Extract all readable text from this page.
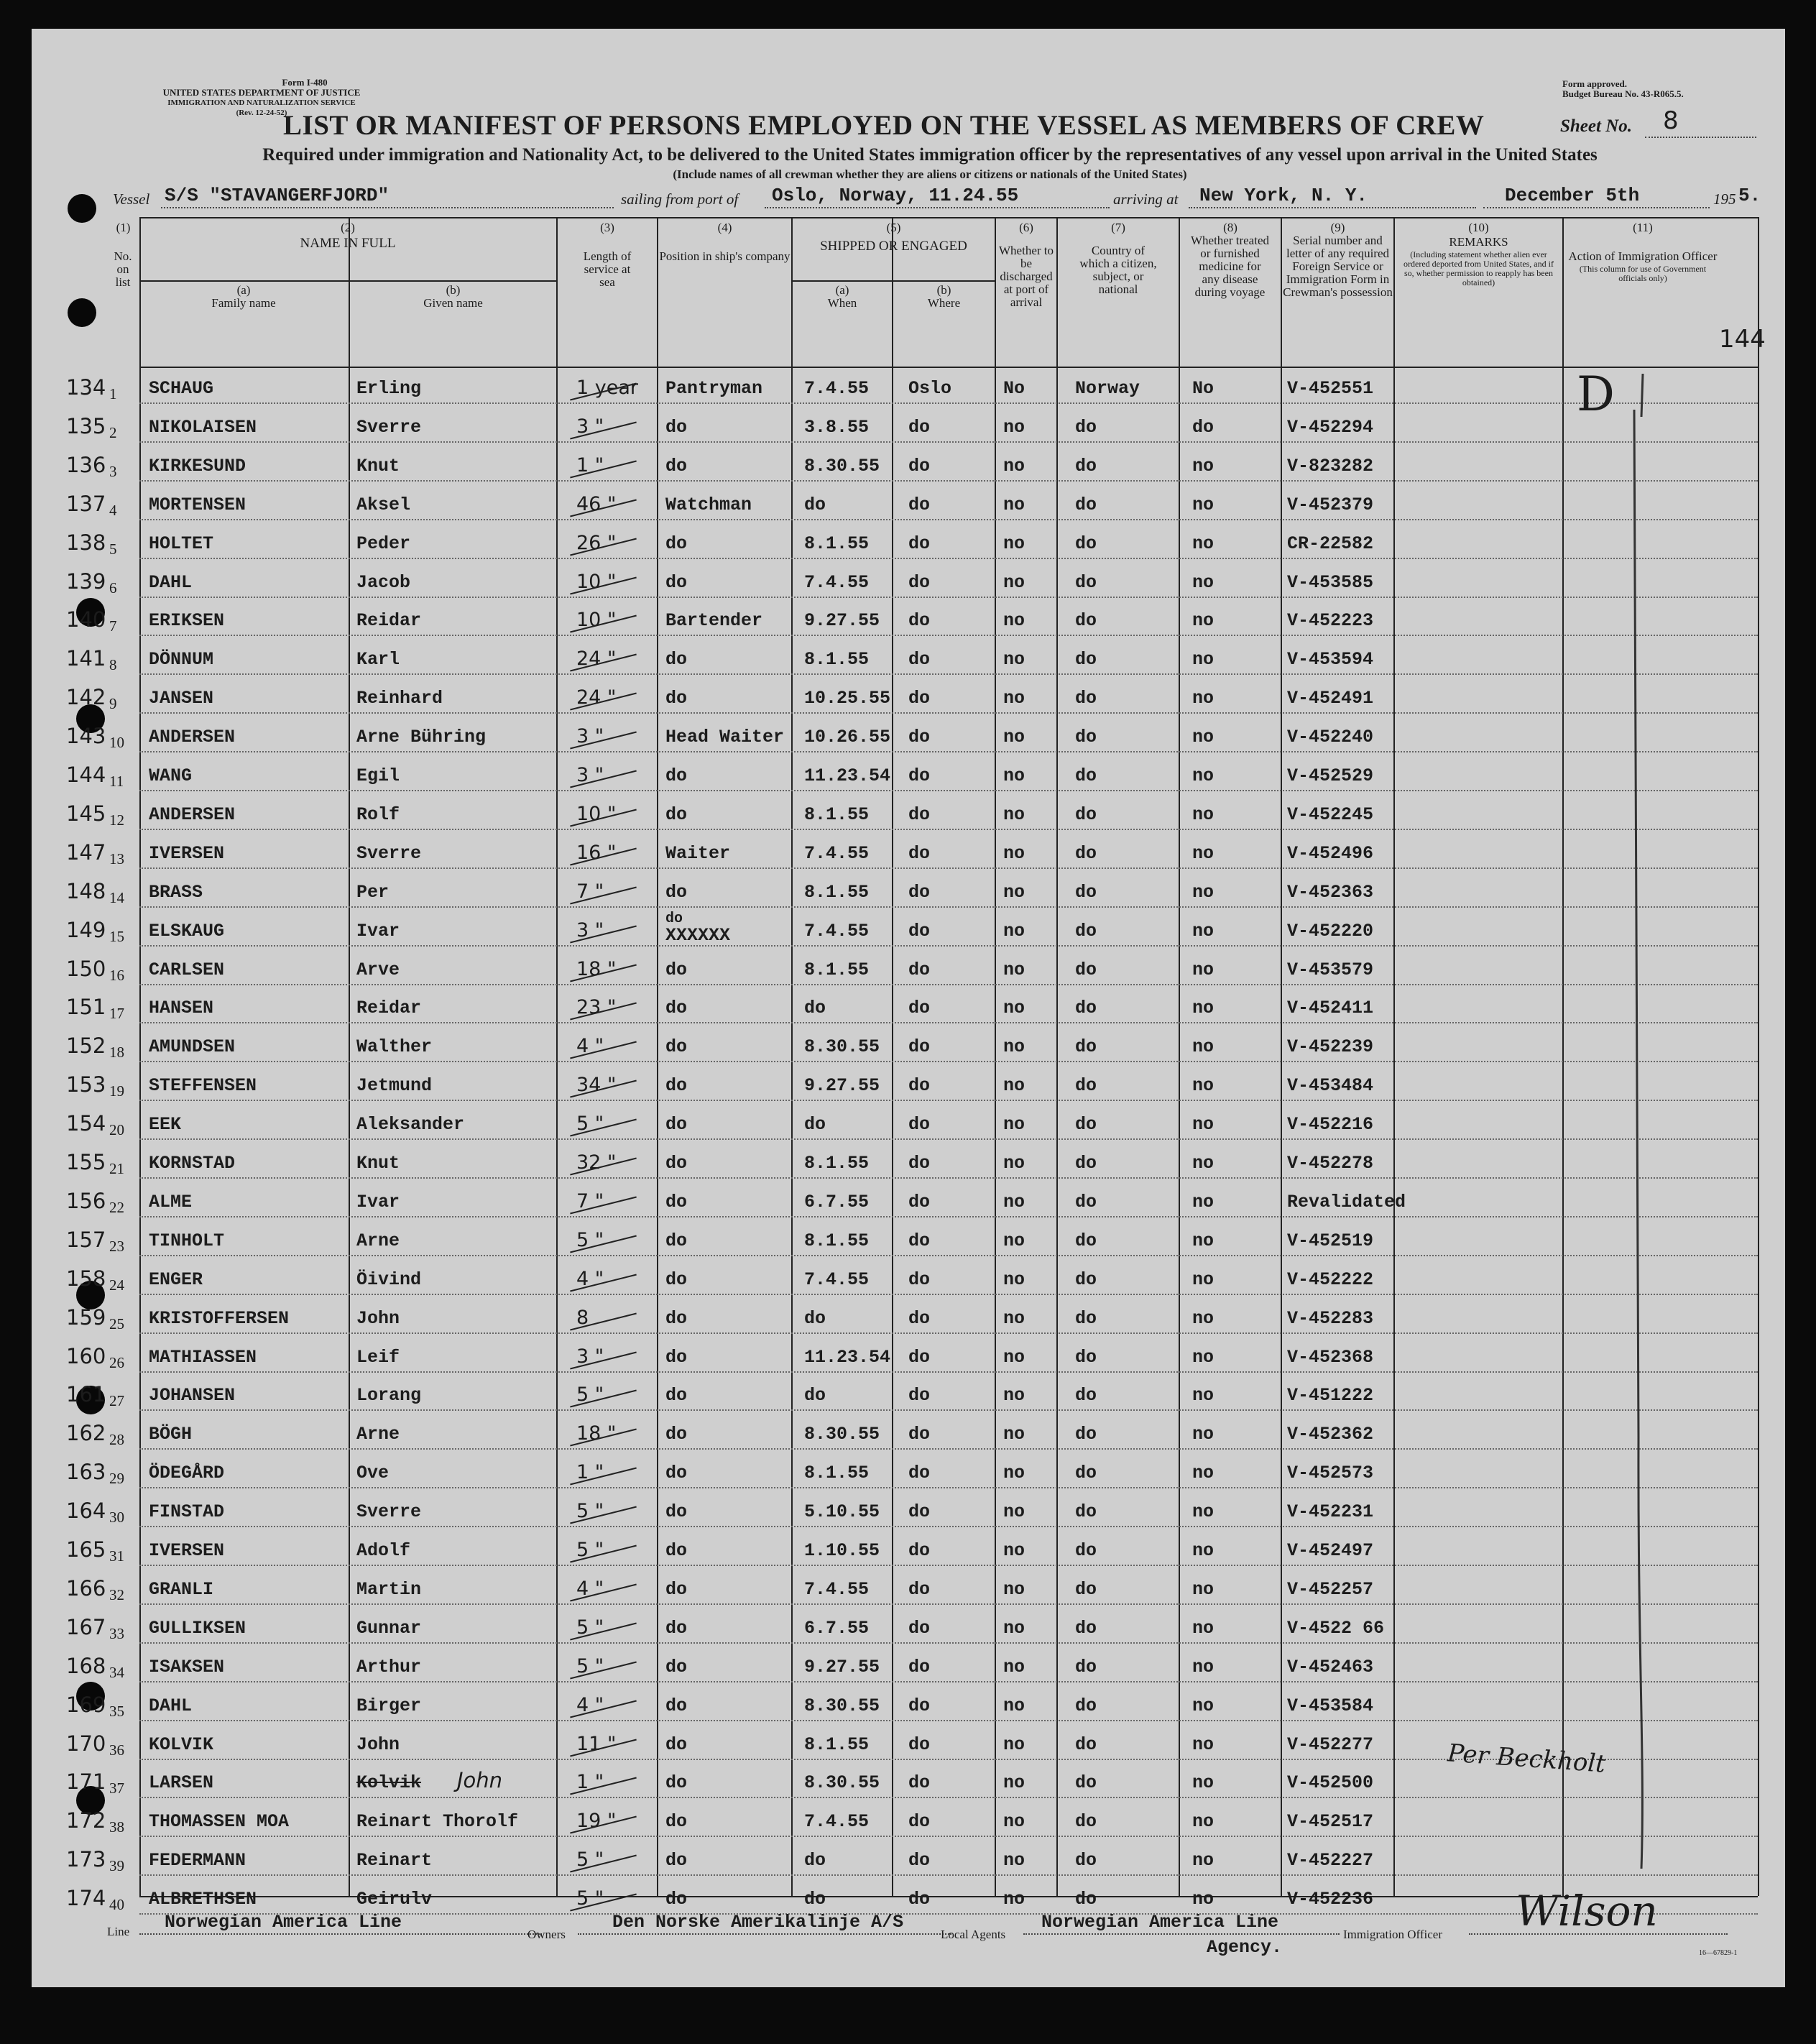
Form I-480
UNITED STATES DEPARTMENT OF JUSTICE
IMMIGRATION AND NATURALIZATION SERVICE
(Rev. 12-24-52)
Form approved.
Budget Bureau No. 43-R065.5.
LIST OR MANIFEST OF PERSONS EMPLOYED ON THE VESSEL AS MEMBERS OF CREW	Sheet No. 8
Required under immigration and Nationality Act, to be delivered to the United States immigration officer by the representatives of any vessel upon arrival in the United States
(Include names of all crewman whether they are aliens or citizens or nationals of the United States)
Vessel S/S "STAVANGERFJORD"	sailing from port of Oslo, Norway, 11.24.55	arriving at New York, N. Y.	December 5th	195 5.
(1)
No. on list
(2)
NAME IN FULL
(a)
Family name
(b)
Given name
(3)
Length of service at sea
(4)
Position in ship's company
(5)
SHIPPED OR ENGAGED
(a)
When
(b)
Where
(6)
Whether to be discharged at port of arrival
(7)
Country of which a citizen, subject, or national
(8)
Whether treated or furnished medicine for any disease during voyage
(9)
Serial number and letter of any required Foreign Service or Immigration Form in Crewman's possession
(10)
REMARKS
(Including statement whether alien ever ordered deported from United States, and if so, whether permission to reapply has been obtained)
(11)
Action of Immigration Officer
(This column for use of Government officials only)
134 1 SCHAUG	Erling	1 year Pantryman 7.4.55 Oslo	No	Norway	No	V-452551
135 2 NIKOLAISEN	Sverre	3 "	do	3.8.55 do	no	do	do	V-452294
136 3 KIRKESUND	Knut	1 "	do	8.30.55 do	no	do	no	V-823282
137 4 MORTENSEN	Aksel	46 "	Watchman	do	do	no	do	no	V-452379
138 5 HOLTET	Peder	26 "	do	8.1.55 do	no	do	no	CR-22582
139 6 DAHL	Jacob	10 "	do	7.4.55 do	no	do	no	V-453585
140 7 ERIKSEN	Reidar	10 "	Bartender 9.27.55 do	no	do	no	V-452223
141 8 DÖNNUM	Karl	24 "	do	8.1.55 do	no	do	no	V-453594
142 9 JANSEN	Reinhard	24 "	do	10.25.55 do	no	do	no	V-452491
143 10 ANDERSEN	Arne Bühring	3 "	Head Waiter 10.26.55 do	no	do	no	V-452240
144 11 WANG	Egil	3 "	do	11.23.54 do	no	do	no	V-452529
145 12 ANDERSEN	Rolf	10 "	do	8.1.55 do	no	do	no	V-452245
147 13 IVERSEN	Sverre	16 "	Waiter	7.4.55 do	no	do	no	V-452496
148 14 BRASS	Per	7 "	do	8.1.55 do	no	do	no	V-452363
149 15 ELSKAUG	Ivar	3 "
do
XXXXXX	7.4.55 do	no	do	no	V-452220
150 16 CARLSEN	Arve	18 "	do	8.1.55 do	no	do	no	V-453579
151 17 HANSEN	Reidar	23 "	do	do	do	no	do	no	V-452411
152 18 AMUNDSEN	Walther	4 "	do	8.30.55 do	no	do	no	V-452239
153 19 STEFFENSEN	Jetmund	34 "	do	9.27.55 do	no	do	no	V-453484
154 20 EEK	Aleksander	5 "	do	do	do	no	do	no	V-452216
155 21 KORNSTAD	Knut	32 "	do	8.1.55 do	no	do	no	V-452278
156 22 ALME	Ivar	7 "	do	6.7.55 do	no	do	no	Revalidated
157 23 TINHOLT	Arne	5 "	do	8.1.55 do	no	do	no	V-452519
158 24 ENGER	Öivind	4 "	do	7.4.55 do	no	do	no	V-452222
159 25 KRISTOFFERSEN	John	8	do	do	do	no	do	no	V-452283
160 26 MATHIASSEN	Leif	3 "	do	11.23.54 do	no	do	no	V-452368
161 27 JOHANSEN	Lorang	5 "	do	do	do	no	do	no	V-451222
162 28 BÖGH	Arne	18 "	do	8.30.55 do	no	do	no	V-452362
163 29 ÖDEGÅRD	Ove	1 "	do	8.1.55 do	no	do	no	V-452573
164 30 FINSTAD	Sverre	5 "	do	5.10.55 do	no	do	no	V-452231
165 31 IVERSEN	Adolf	5 "	do	1.10.55 do	no	do	no	V-452497
166 32 GRANLI	Martin	4 "	do	7.4.55 do	no	do	no	V-452257
167 33 GULLIKSEN	Gunnar	5 "	do	6.7.55 do	no	do	no	V-4522 66
168 34 ISAKSEN	Arthur	5 "	do	9.27.55 do	no	do	no	V-452463
169 35 DAHL	Birger	4 "	do	8.30.55 do	no	do	no	V-453584
170 36 KOLVIK	John	11 "	do	8.1.55 do	no	do	no	V-452277
171 37 LARSEN	Kolvik John	1 "	do	8.30.55 do	no	do	no	V-452500
172 38 THOMASSEN MOA	Reinart Thorolf	19 "	do	7.4.55 do	no	do	no	V-452517
173 39 FEDERMANN	Reinart	5 "	do	do	do	no	do	no	V-452227
174 40 ALBRETHSEN	Geirulv	5 "	do	do	do	no	do	no	V-452236
144
D
Per Beckholt
Wilson
Line Norwegian America Line
Owners
Den Norske Amerikalinje A/S
Local Agents
Norwegian America Line
Agency.
Immigration Officer
16—67829-1
